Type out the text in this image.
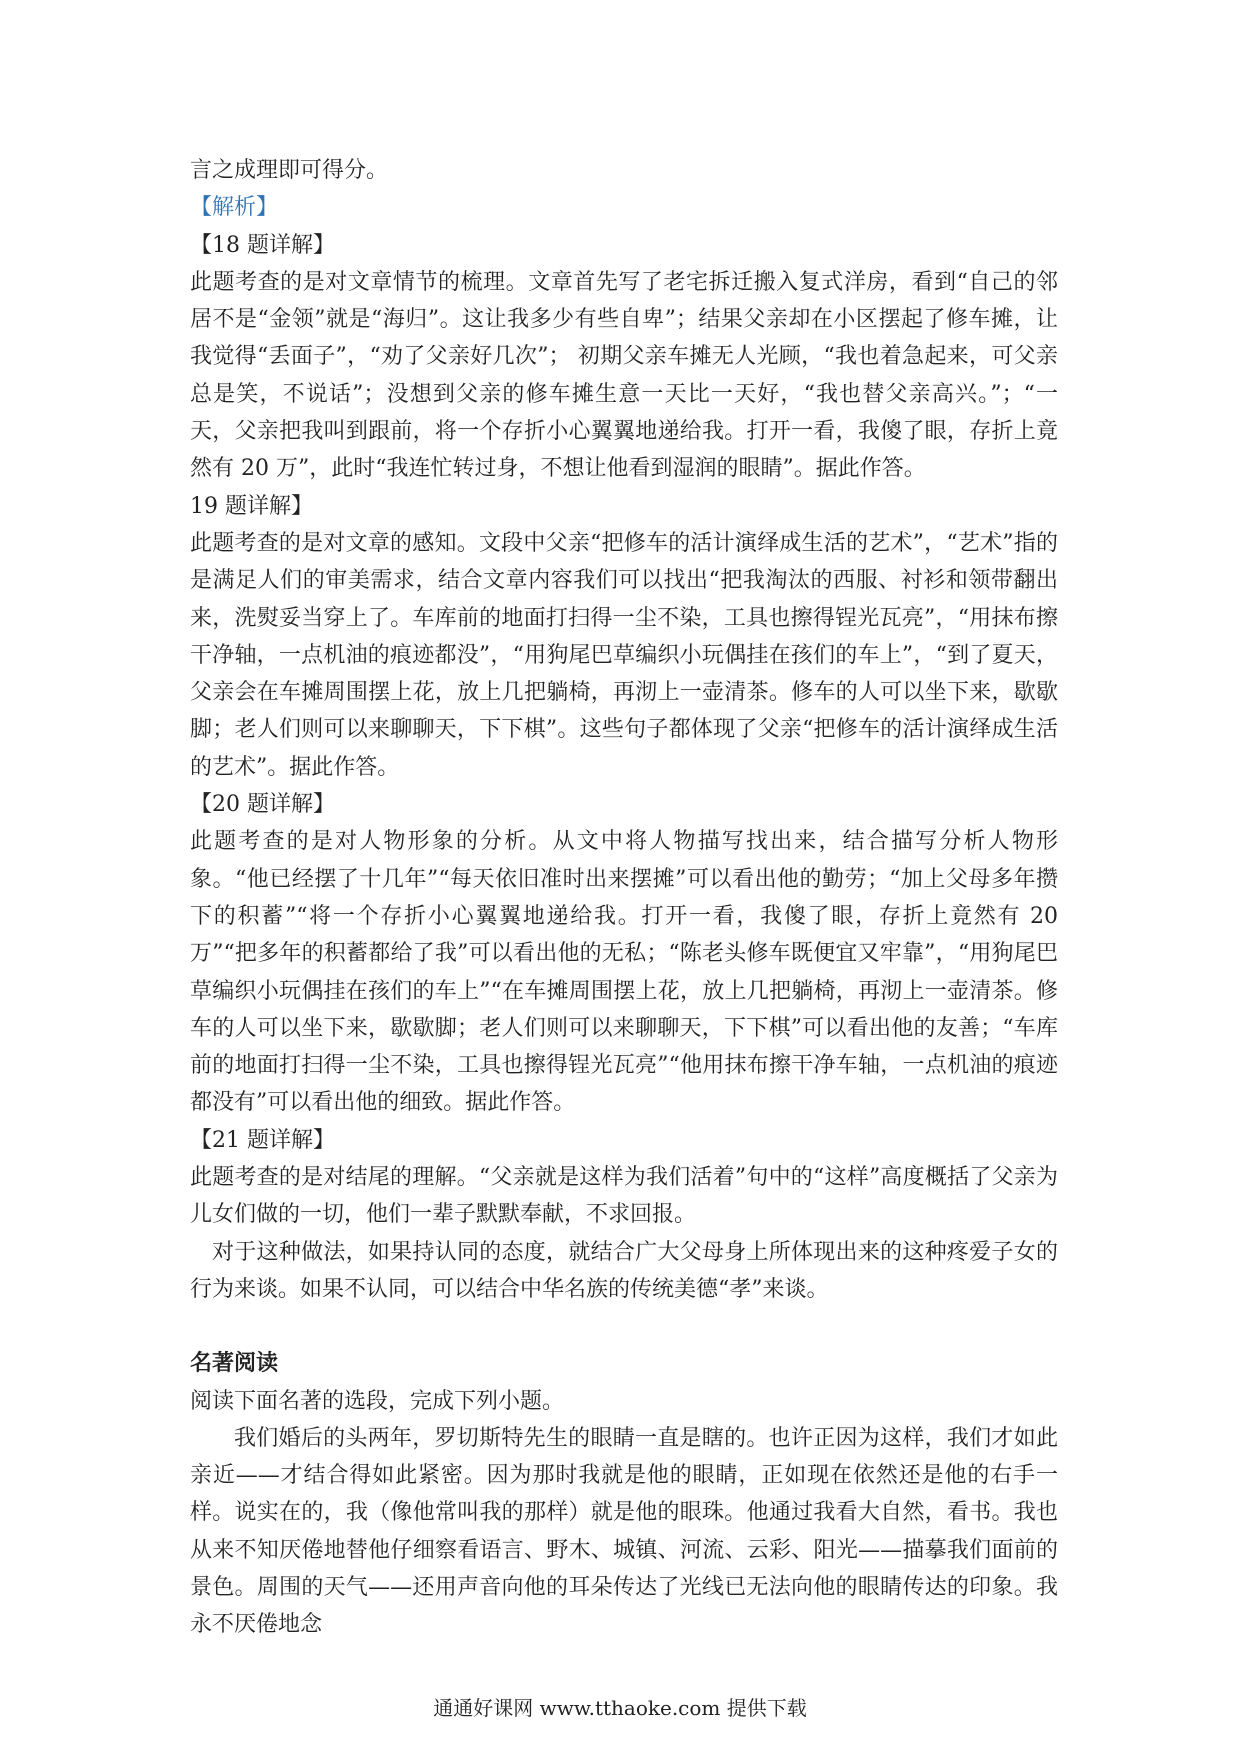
言之成理即可得分。

【解析】

【18 题详解】

此题考查的是对文章情节的梳理。文章首先写了老宅拆迁搬入复式洋房，看到“自己的邻居不是“金领”就是“海归”。这让我多少有些自卑”；结果父亲却在小区摆起了修车摊，让我觉得“丢面子”，“劝了父亲好几次”； 初期父亲车摊无人光顾，“我也着急起来，可父亲总是笑，不说话”；没想到父亲的修车摊生意一天比一天好，“我也替父亲高兴。”；“一天，父亲把我叫到跟前，将一个存折小心翼翼地递给我。打开一看，我傻了眼，存折上竟然有 20 万”，此时“我连忙转过身，不想让他看到湿润的眼睛”。据此作答。

19 题详解】

此题考查的是对文章的感知。文段中父亲“把修车的活计演绎成生活的艺术”，“艺术”指的是满足人们的审美需求，结合文章内容我们可以找出“把我淘汰的西服、衬衫和领带翻出来，洗熨妥当穿上了。车库前的地面打扫得一尘不染，工具也擦得锃光瓦亮”，“用抹布擦干净轴，一点机油的痕迹都没”，“用狗尾巴草编织小玩偶挂在孩们的车上”，“到了夏天，父亲会在车摊周围摆上花，放上几把躺椅，再沏上一壶清茶。修车的人可以坐下来，歇歇脚；老人们则可以来聊聊天，下下棋”。这些句子都体现了父亲“把修车的活计演绎成生活的艺术”。据此作答。

【20 题详解】

此题考查的是对人物形象的分析。从文中将人物描写找出来，结合描写分析人物形象。“他已经摆了十几年”“每天依旧准时出来摆摊”可以看出他的勤劳；“加上父母多年攒下的积蓄”“将一个存折小心翼翼地递给我。打开一看，我傻了眼，存折上竟然有 20 万”“把多年的积蓄都给了我”可以看出他的无私；“陈老头修车既便宜又牢靠”，“用狗尾巴草编织小玩偶挂在孩们的车上”“在车摊周围摆上花，放上几把躺椅，再沏上一壶清茶。修车的人可以坐下来，歇歇脚；老人们则可以来聊聊天，下下棋”可以看出他的友善；“车库前的地面打扫得一尘不染，工具也擦得锃光瓦亮”“他用抹布擦干净车轴，一点机油的痕迹都没有”可以看出他的细致。据此作答。

【21 题详解】

此题考查的是对结尾的理解。“父亲就是这样为我们活着”句中的“这样”高度概括了父亲为儿女们做的一切，他们一辈子默默奉献，不求回报。

对于这种做法，如果持认同的态度，就结合广大父母身上所体现出来的这种疼爱子女的行为来谈。如果不认同，可以结合中华名族的传统美德“孝”来谈。

名著阅读

阅读下面名著的选段，完成下列小题。

我们婚后的头两年，罗切斯特先生的眼睛一直是瞎的。也许正因为这样，我们才如此亲近——才结合得如此紧密。因为那时我就是他的眼睛，正如现在依然还是他的右手一样。说实在的，我（像他常叫我的那样）就是他的眼珠。他通过我看大自然，看书。我也从来不知厌倦地替他仔细察看语言、野木、城镇、河流、云彩、阳光——描摹我们面前的景色。周围的天气——还用声音向他的耳朵传达了光线已无法向他的眼睛传达的印象。我永不厌倦地念

通通好课网 www.tthaoke.com 提供下载
